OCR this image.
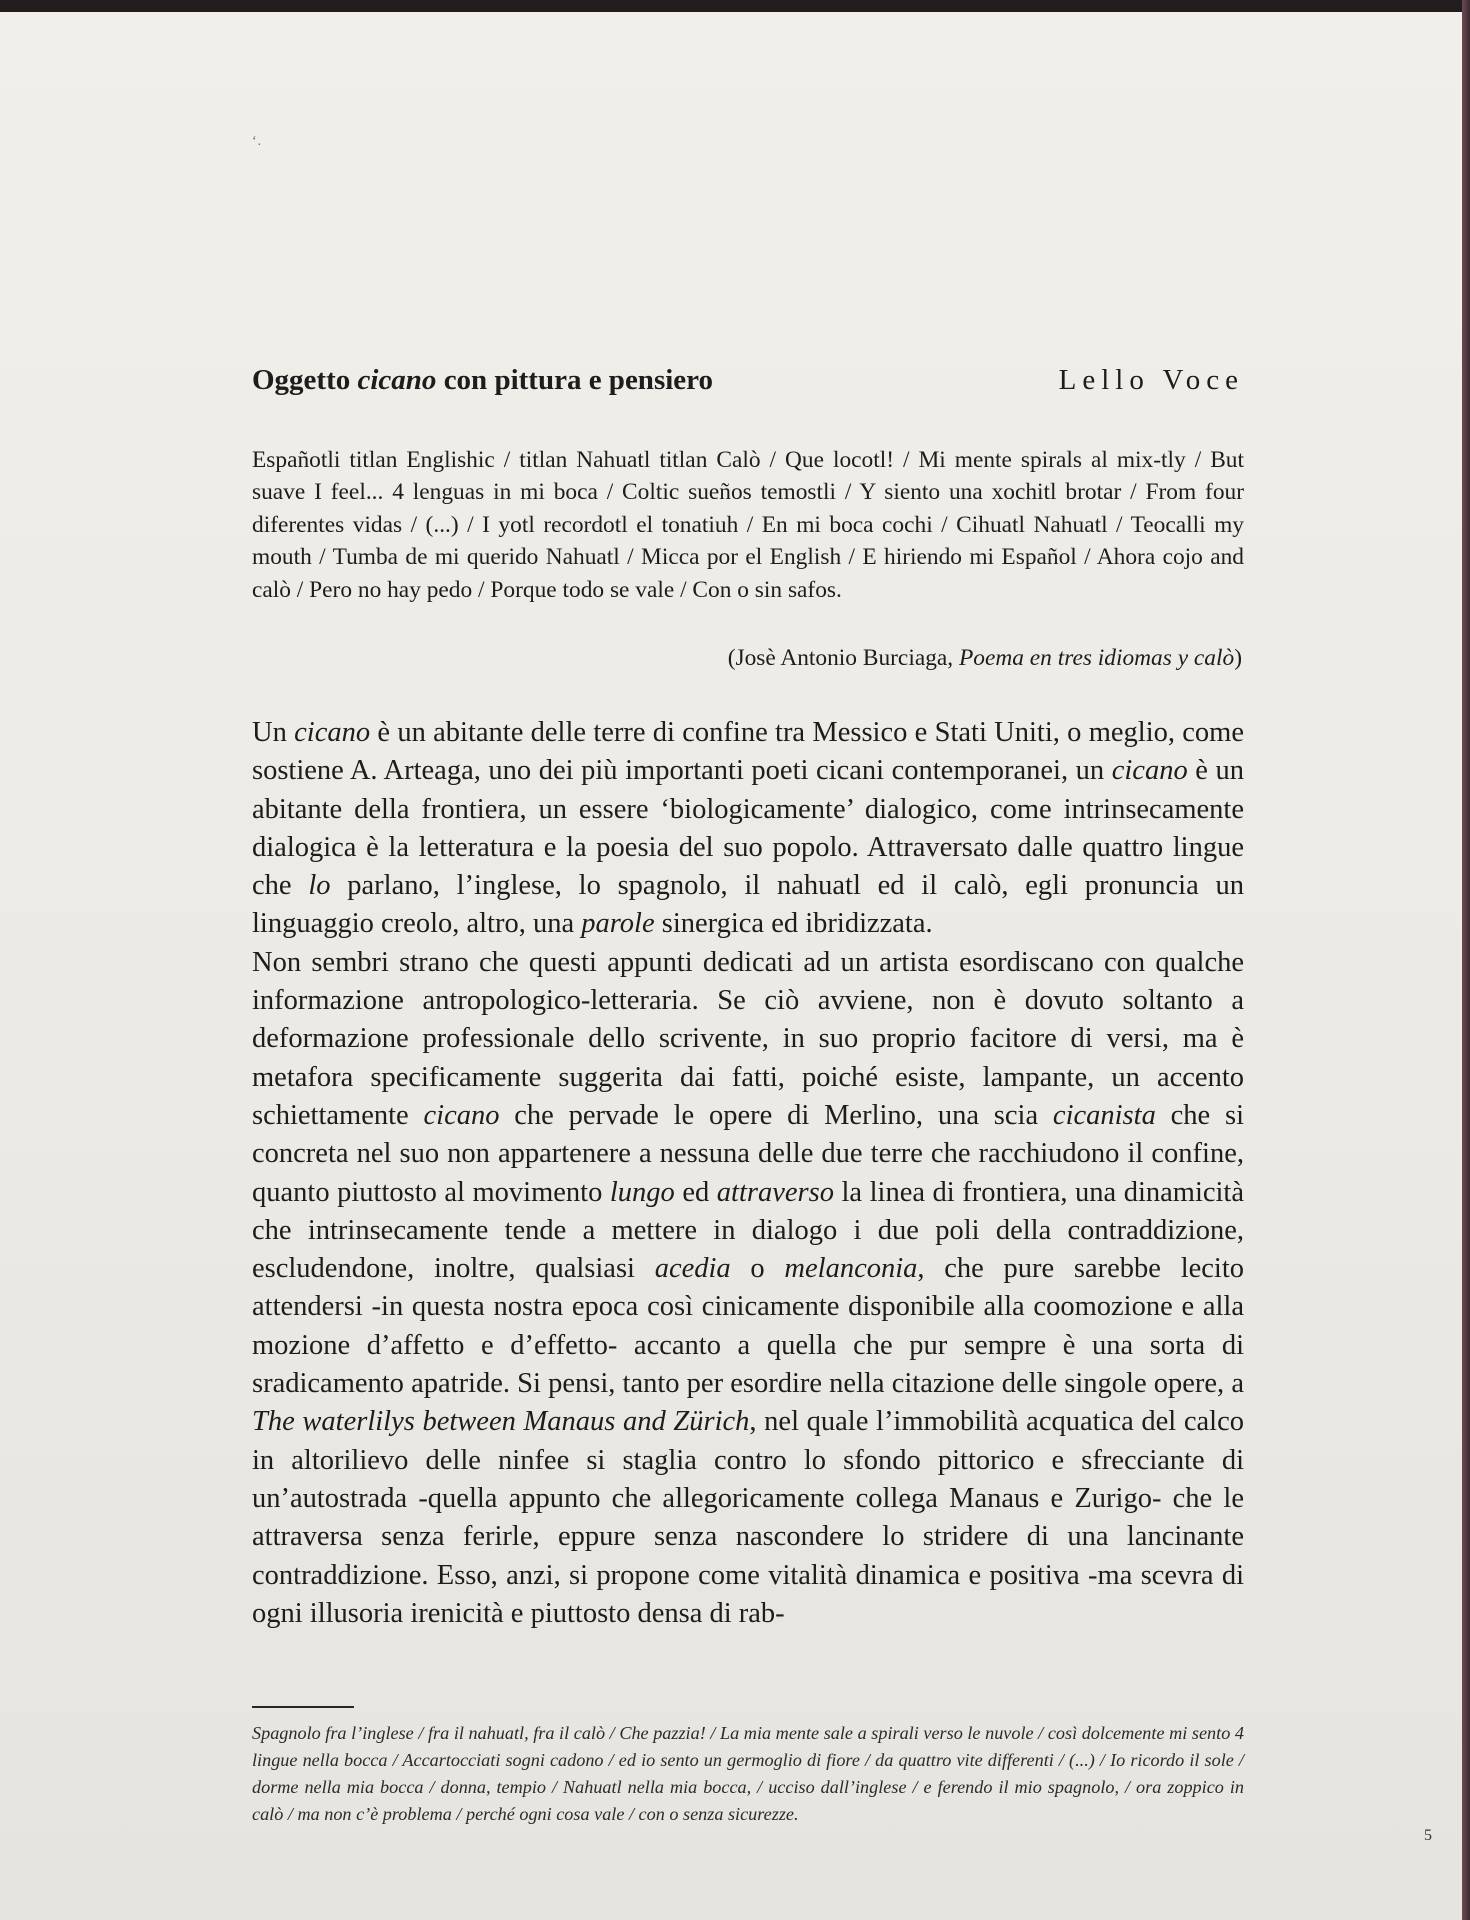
‘.
Oggetto cicano con pittura e pensiero	Lello Voce
Españotli titlan Englishic / titlan Nahuatl titlan Calò / Que locotl! / Mi mente spirals al mix-tly / But suave I feel... 4 lenguas in mi boca / Coltic sueños temostli / Y siento una xochitl brotar / From four diferentes vidas / (...) / I yotl recordotl el tonatiuh / En mi boca cochi / Cihuatl Nahuatl / Teocalli my mouth / Tumba de mi querido Nahuatl / Micca por el English / E hiriendo mi Español / Ahora cojo and calò / Pero no hay pedo / Porque todo se vale / Con o sin safos.
(Josè Antonio Burciaga, Poema en tres idiomas y calò)

Un cicano è un abitante delle terre di confine tra Messico e Stati Uniti, o meglio, come sostiene A. Arteaga, uno dei più importanti poeti cicani contemporanei, un cicano è un abitante della frontiera, un essere ‘biologicamente’ dialogico, come intrinsecamente dialogica è la letteratura e la poesia del suo popolo. Attraversato dalle quattro lingue che lo parlano, l’inglese, lo spagnolo, il nahuatl ed il calò, egli pronuncia un linguaggio creolo, altro, una parole sinergica ed ibridizzata.

Non sembri strano che questi appunti dedicati ad un artista esordiscano con qualche informazione antropologico-letteraria. Se ciò avviene, non è dovuto soltanto a deformazione professionale dello scrivente, in suo proprio facitore di versi, ma è metafora specificamente suggerita dai fatti, poiché esiste, lampante, un accento schiettamente cicano che pervade le opere di Merlino, una scia cicanista che si concreta nel suo non appartenere a nessuna delle due terre che racchiudono il confine, quanto piuttosto al movimento lungo ed attraverso la linea di frontiera, una dinamicità che intrinsecamente tende a mettere in dialogo i due poli della contraddizione, escludendone, inoltre, qualsiasi acedia o melanconia, che pure sarebbe lecito attendersi -in questa nostra epoca così cinicamente disponibile alla coomozione e alla mozione d’affetto e d’effetto- accanto a quella che pur sempre è una sorta di sradicamento apatride. Si pensi, tanto per esordire nella citazione delle singole opere, a The waterlilys between Manaus and Zürich, nel quale l’immobilità acquatica del calco in altorilievo delle ninfee si staglia contro lo sfondo pittorico e sfrecciante di un’autostrada -quella appunto che allegoricamente collega Manaus e Zurigo- che le attraversa senza ferirle, eppure senza nascondere lo stridere di una lancinante contraddizione. Esso, anzi, si propone come vitalità dinamica e positiva -ma scevra di ogni illusoria irenicità e piuttosto densa di rab-

Spagnolo fra l’inglese / fra il nahuatl, fra il calò / Che pazzia! / La mia mente sale a spirali verso le nuvole / così dolcemente mi sento 4 lingue nella bocca / Accartocciati sogni cadono / ed io sento un germoglio di fiore / da quattro vite differenti / (...) / Io ricordo il sole / dorme nella mia bocca / donna, tempio / Nahuatl nella mia bocca, / ucciso dall’inglese / e ferendo il mio spagnolo, / ora zoppico in calò / ma non c’è problema / perché ogni cosa vale / con o senza sicurezze.
5
